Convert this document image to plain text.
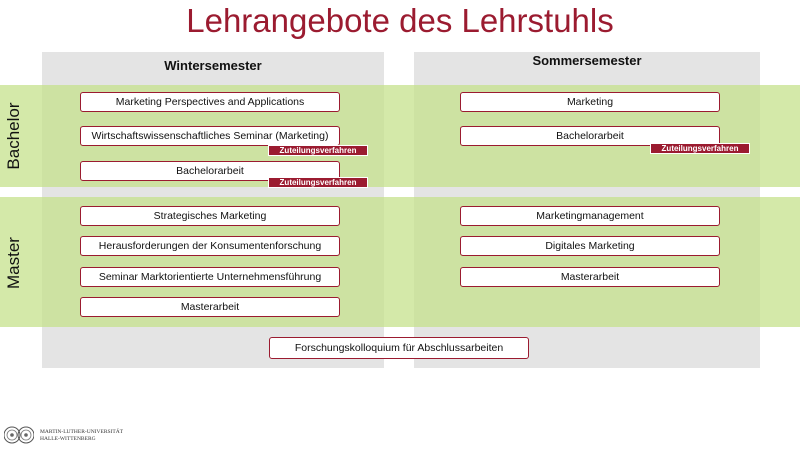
Lehrangebote des Lehrstuhls
Wintersemester	Sommersemester
Bachelor
Master
Marketing Perspectives and Applications
Wirtschaftswissenschaftliches Seminar (Marketing)
Zuteilungsverfahren
Bachelorarbeit
Zuteilungsverfahren
Marketing
Bachelorarbeit
Zuteilungsverfahren
Strategisches Marketing
Herausforderungen der Konsumentenforschung
Seminar Marktorientierte Unternehmensführung
Masterarbeit
Marketingmanagement
Digitales Marketing
Masterarbeit
Forschungskolloquium für Abschlussarbeiten
MARTIN-LUTHER-UNIVERSITÄT
HALLE-WITTENBERG
